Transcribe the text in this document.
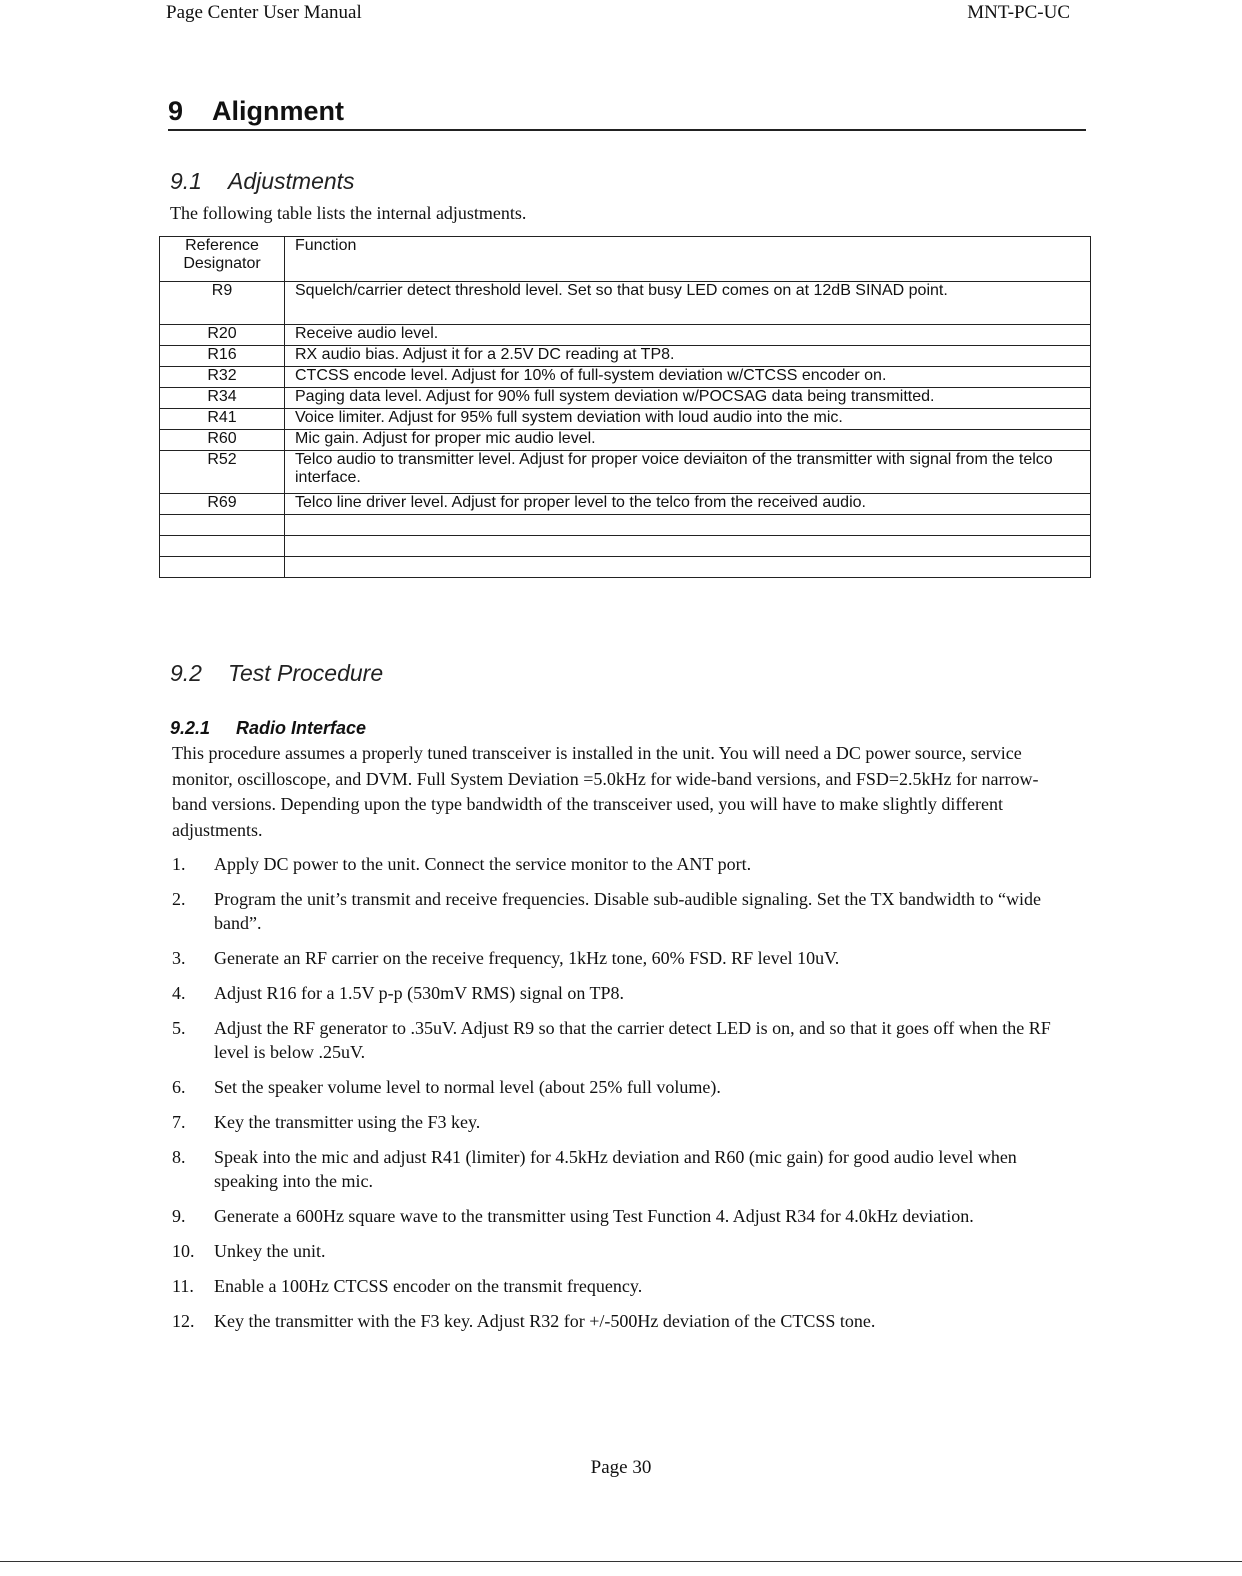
Page Center User Manual	MNT-PC-UC
9 Alignment
9.1 Adjustments
The following table lists the internal adjustments.
Reference Designator	Function
R9	Squelch/carrier detect threshold level. Set so that busy LED comes on at 12dB SINAD point.
R20	Receive audio level.
R16	RX audio bias. Adjust it for a 2.5V DC reading at TP8.
R32	CTCSS encode level. Adjust for 10% of full-system deviation w/CTCSS encoder on.
R34	Paging data level. Adjust for 90% full system deviation w/POCSAG data being transmitted.
R41	Voice limiter. Adjust for 95% full system deviation with loud audio into the mic.
R60	Mic gain. Adjust for proper mic audio level.
R52	Telco audio to transmitter level. Adjust for proper voice deviaiton of the transmitter with signal from the telco interface.
R69	Telco line driver level. Adjust for proper level to the telco from the received audio.

9.2 Test Procedure
9.2.1 Radio Interface
This procedure assumes a properly tuned transceiver is installed in the unit. You will need a DC power source, service monitor, oscilloscope, and DVM. Full System Deviation =5.0kHz for wide-band versions, and FSD=2.5kHz for narrow-band versions. Depending upon the type bandwidth of the transceiver used, you will have to make slightly different adjustments.
1. Apply DC power to the unit. Connect the service monitor to the ANT port.
2. Program the unit’s transmit and receive frequencies. Disable sub-audible signaling. Set the TX bandwidth to “wide band”.
3. Generate an RF carrier on the receive frequency, 1kHz tone, 60% FSD. RF level 10uV.
4. Adjust R16 for a 1.5V p-p (530mV RMS) signal on TP8.
5. Adjust the RF generator to .35uV. Adjust R9 so that the carrier detect LED is on, and so that it goes off when the RF level is below .25uV.
6. Set the speaker volume level to normal level (about 25% full volume).
7. Key the transmitter using the F3 key.
8. Speak into the mic and adjust R41 (limiter) for 4.5kHz deviation and R60 (mic gain) for good audio level when speaking into the mic.
9. Generate a 600Hz square wave to the transmitter using Test Function 4. Adjust R34 for 4.0kHz deviation.
10. Unkey the unit.
11. Enable a 100Hz CTCSS encoder on the transmit frequency.
12. Key the transmitter with the F3 key. Adjust R32 for +/-500Hz deviation of the CTCSS tone.
Page 30
